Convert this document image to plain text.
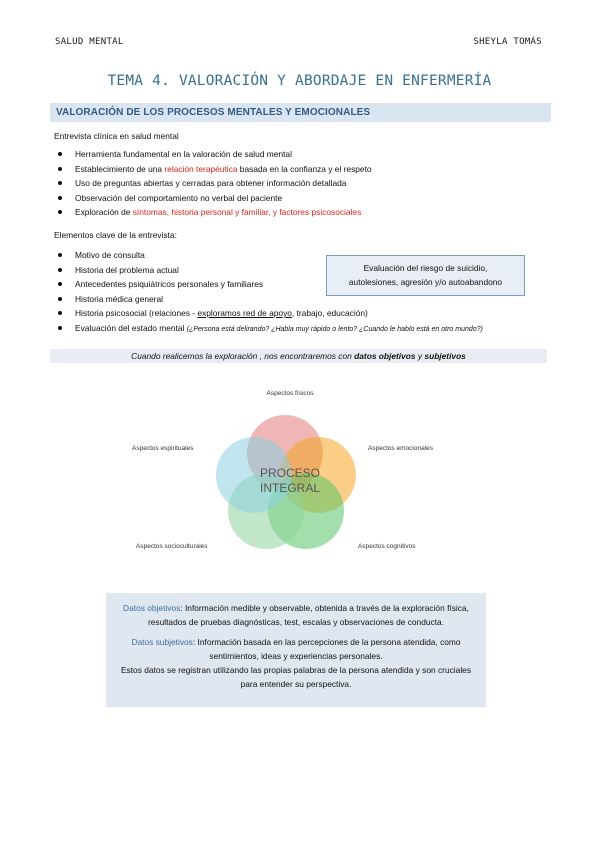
SALUD MENTAL	SHEYLA TOMÁS
TEMA 4. VALORACIÓN Y ABORDAJE EN ENFERMERÍA
VALORACIÓN DE LOS PROCESOS MENTALES Y EMOCIONALES
Entrevista clínica en salud mental
Herramienta fundamental en la valoración de salud mental
Establecimiento de una relación terapéutica basada en la confianza y el respeto
Uso de preguntas abiertas y cerradas para obtener información detallada
Observación del comportamiento no verbal del paciente
Exploración de síntomas, historia personal y familiar, y factores psicosociales
Elementos clave de la entrevista:
Motivo de consulta
Historia del problema actual
Antecedentes psiquiátricos personales y familiares
Historia médica general
Historia psicosocial (relaciones - exploramos red de apoyo, trabajo, educación)
Evaluación del estado mental (¿Persona está delirando? ¿Habla muy rápido o lento? ¿Cuando le hablo está en otro mundo?)
Evaluación del riesgo de suicidio,
autolesiones, agresión y/o autoabandono
Cuando realicemos la exploración , nos encontraremos con datos objetivos y subjetivos
PROCESO
INTEGRAL
Aspectos físicos
Aspectos emocionales
Aspectos cognitivos
Aspectos socioculturales
Aspectos espirituales

Datos objetivos: Información medible y observable, obtenida a través de la exploración física, resultados de pruebas diagnósticas, test, escalas y observaciones de conducta.

Datos subjetivos: Información basada en las percepciones de la persona atendida, como sentimientos, ideas y experiencias personales.
Estos datos se registran utilizando las propias palabras de la persona atendida y son cruciales para entender su perspectiva.
